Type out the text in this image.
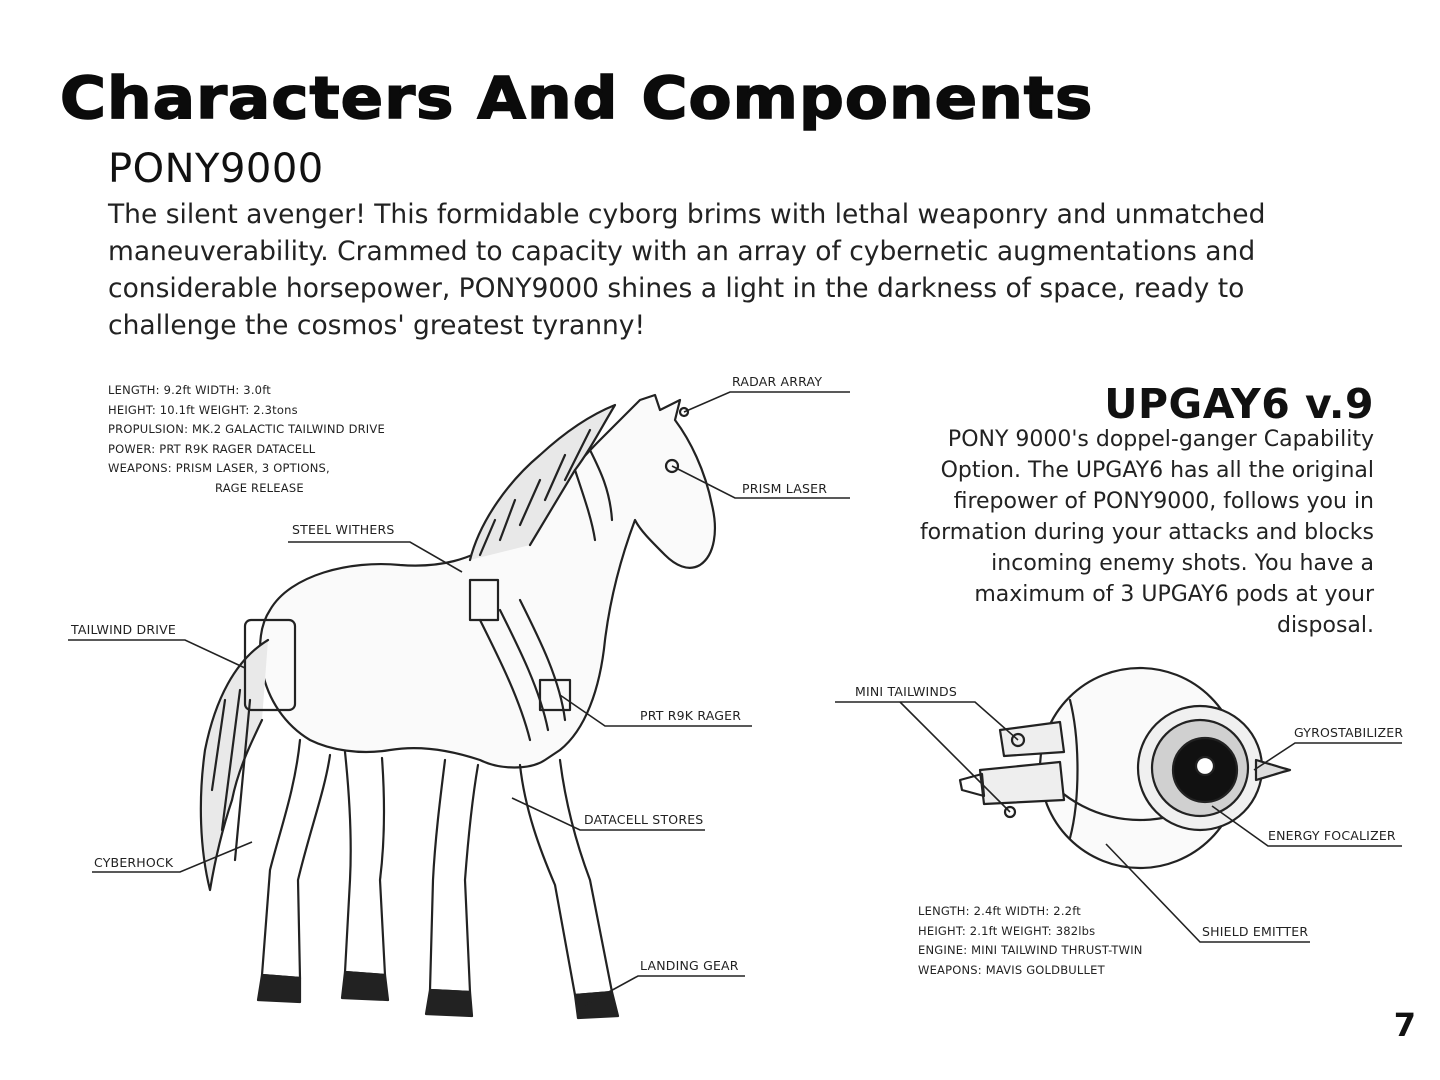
Characters And Components
PONY9000

The silent avenger! This formidable cyborg brims with lethal weaponry and unmatched maneuverability. Crammed to capacity with an array of cybernetic augmentations and considerable horsepower, PONY9000 shines a light in the darkness of space, ready to challenge the cosmos' greatest tyranny!

LENGTH: 9.2ft WIDTH: 3.0ft
HEIGHT: 10.1ft WEIGHT: 2.3tons
PROPULSION: MK.2 GALACTIC TAILWIND DRIVE
POWER: PRT R9K RAGER DATACELL
WEAPONS: PRISM LASER, 3 OPTIONS,
RAGE RELEASE
RADAR ARRAY
PRISM LASER
STEEL WITHERS
TAILWIND DRIVE
PRT R9K RAGER
DATACELL STORES
CYBERHOCK
LANDING GEAR
UPGAY6 v.9

PONY 9000's doppel-ganger Capability Option. The UPGAY6 has all the original firepower of PONY9000, follows you in formation during your attacks and blocks incoming enemy shots. You have a maximum of 3 UPGAY6 pods at your disposal.

MINI TAILWINDS
GYROSTABILIZER
ENERGY FOCALIZER
SHIELD EMITTER
LENGTH: 2.4ft WIDTH: 2.2ft
HEIGHT: 2.1ft WEIGHT: 382lbs
ENGINE: MINI TAILWIND THRUST-TWIN
WEAPONS: MAVIS GOLDBULLET
7
